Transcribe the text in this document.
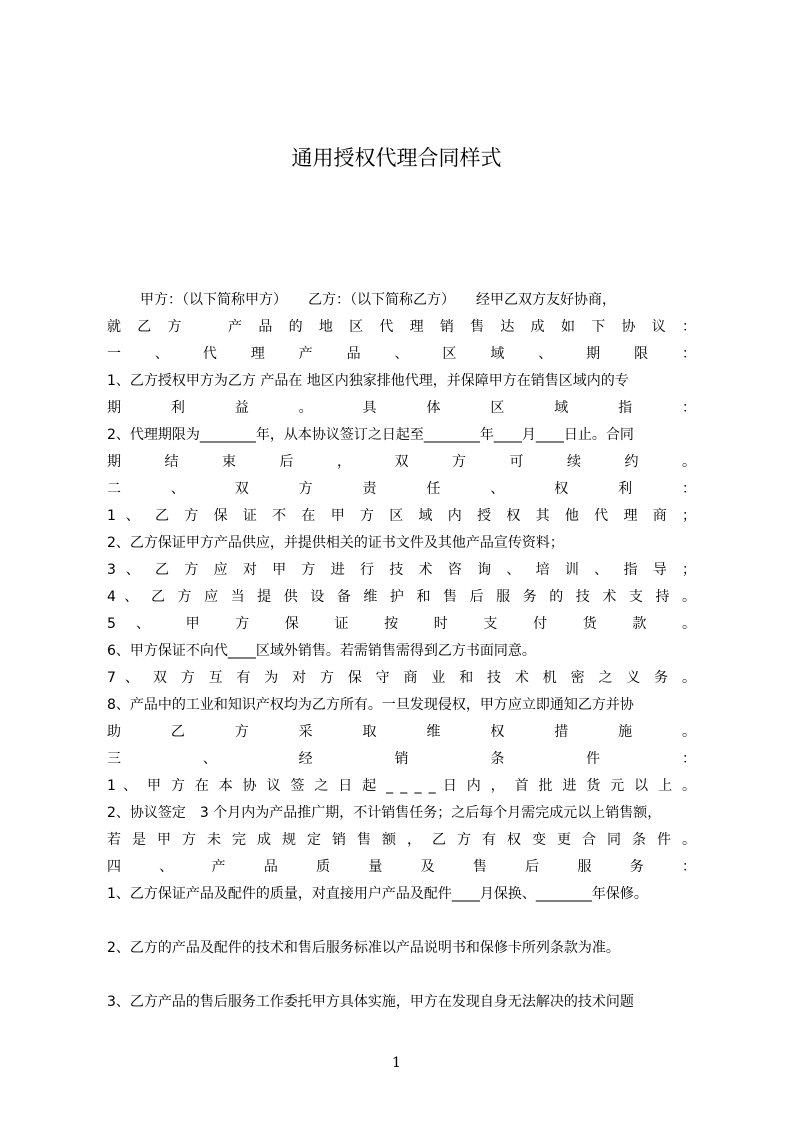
通用授权代理合同样式
甲方：（以下简称甲方）　　乙方：（以下简称乙方）　　经甲乙双方友好协商，
就 乙 方 　 产 品 的 地 区 代 理 销 售 达 成 如 下 协 议 ：
一 、 代 理 产 品 、 区 域 、 期 限 ：
1、乙方授权甲方为乙方 产品在 地区内独家排他代理，并保障甲方在销售区域内的专
期 利 益 。 具 体 区 域 指 ：
2、代理期限为________年，从本协议签订之日起至________年____月____日止。合同
期 结 束 后 ， 双 方 可 续 约 。
二 、 双 方 责 任 、 权 利 ：
1 、 乙 方 保 证 不 在 甲 方 区 域 内 授 权 其 他 代 理 商 ；
2、乙方保证甲方产品供应，并提供相关的证书文件及其他产品宣传资料；
3 、 乙 方 应 对 甲 方 进 行 技 术 咨 询 、 培 训 、 指 导 ；
4 、 乙 方 应 当 提 供 设 备 维 护 和 售 后 服 务 的 技 术 支 持 。
5 、 甲 方 保 证 按 时 支 付 货 款 。
6、甲方保证不向代____区域外销售。若需销售需得到乙方书面同意。
7 、 双 方 互 有 为 对 方 保 守 商 业 和 技 术 机 密 之 义 务 。
8、产品中的工业和知识产权均为乙方所有。一旦发现侵权，甲方应立即通知乙方并协
助 乙 方 采 取 维 权 措 施 。
三 、 经 销 条 件 ：
1 、 甲 方 在 本 协 议 签 之 日 起 _ _ _ _ 日 内 ， 首 批 进 货 元 以 上 。
2、协议签定　3 个月内为产品推广期，不计销售任务；之后每个月需完成元以上销售额，
若 是 甲 方 未 完 成 规 定 销 售 额 ， 乙 方 有 权 变 更 合 同 条 件 。
四 、 产 品 质 量 及 售 后 服 务 ：
1、乙方保证产品及配件的质量，对直接用户产品及配件____月保换、________年保修。
2、乙方的产品及配件的技术和售后服务标准以产品说明书和保修卡所列条款为准。
3、乙方产品的售后服务工作委托甲方具体实施，甲方在发现自身无法解决的技术问题
1
